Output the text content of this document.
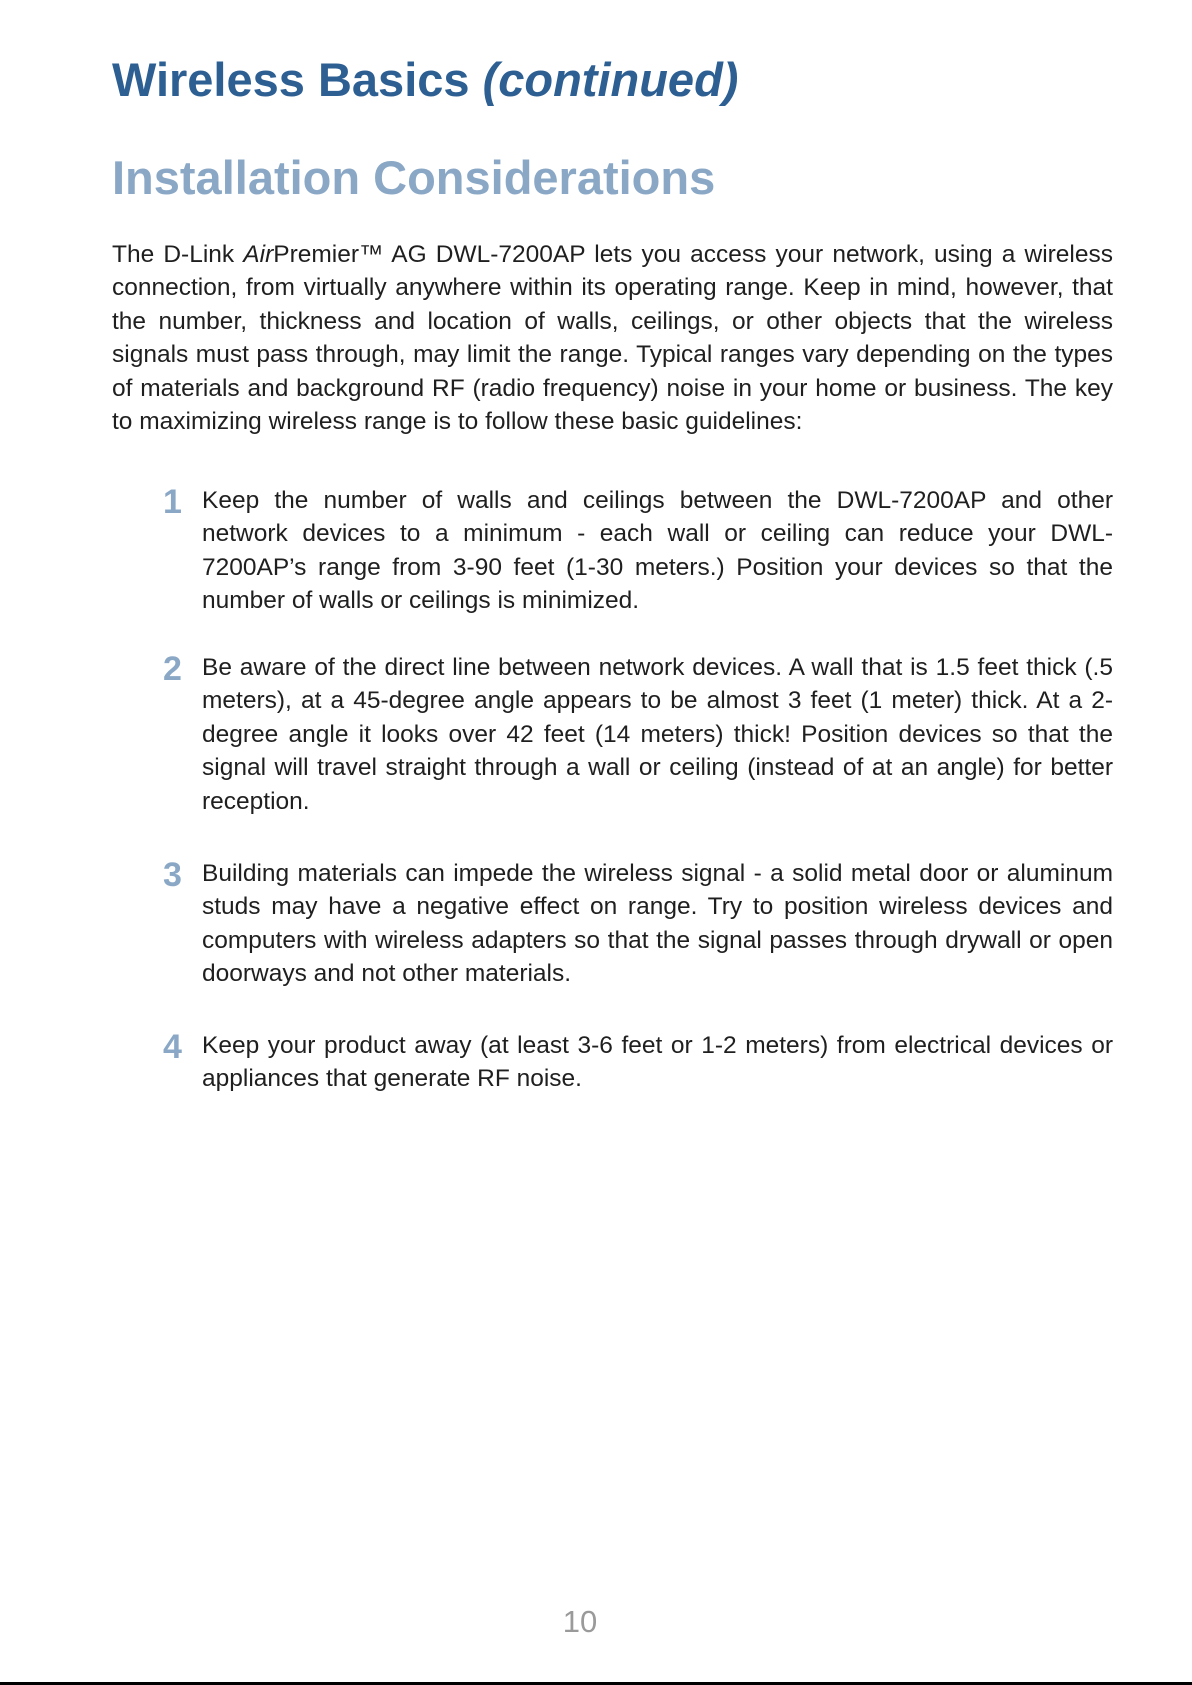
Wireless Basics (continued)
Installation Considerations

The D-Link AirPremier™ AG DWL-7200AP lets you access your network, using a wireless connection, from virtually anywhere within its operating range. Keep in mind, however, that the number, thickness and location of walls, ceilings, or other objects that the wireless signals must pass through, may limit the range. Typical ranges vary depending on the types of materials and background RF (radio frequency) noise in your home or business. The key to maximizing wireless range is to follow these basic guidelines:

1 Keep the number of walls and ceilings between the DWL-7200AP and other network devices to a minimum - each wall or ceiling can reduce your DWL-7200AP’s range from 3-90 feet (1-30 meters.) Position your devices so that the number of walls or ceilings is minimized.

2 Be aware of the direct line between network devices. A wall that is 1.5 feet thick (.5 meters), at a 45-degree angle appears to be almost 3 feet (1 meter) thick. At a 2-degree angle it looks over 42 feet (14 meters) thick! Position devices so that the signal will travel straight through a wall or ceiling (instead of at an angle) for better reception.

3 Building materials can impede the wireless signal - a solid metal door or aluminum studs may have a negative effect on range. Try to position wireless devices and computers with wireless adapters so that the signal passes through drywall or open doorways and not other materials.

4 Keep your product away (at least 3-6 feet or 1-2 meters) from electrical devices or appliances that generate RF noise.

10
